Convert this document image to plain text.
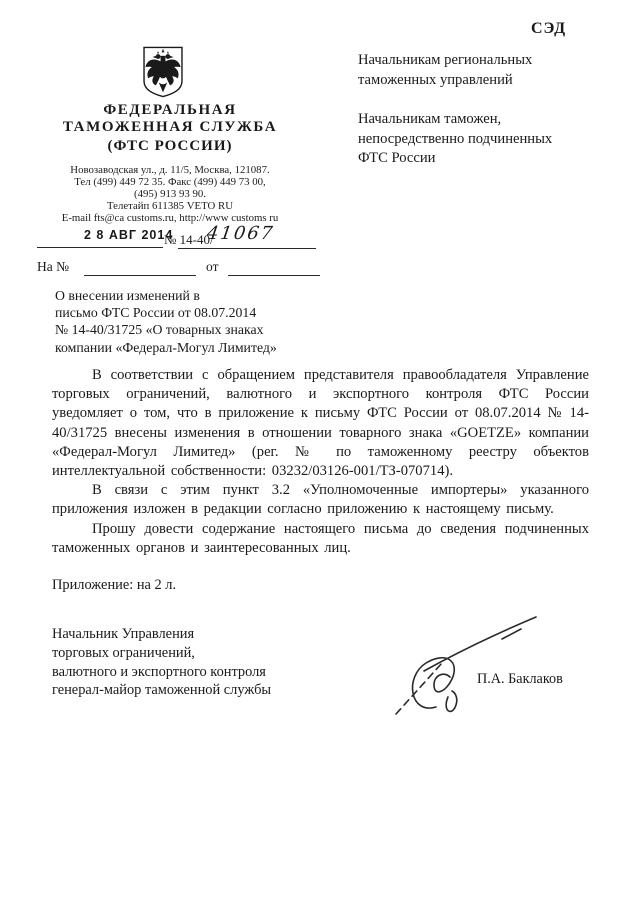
СЭД
ФЕДЕРАЛЬНАЯ
ТАМОЖЕННАЯ СЛУЖБА
(ФТС РОССИИ)
Новозаводская ул., д. 11/5, Москва, 121087.
Тел (499) 449 72 35. Факс (499) 449 73 00,
(495) 913 93 90.
Телетайп 611385 VETO RU
E-mail fts@ca customs.ru, http://www customs ru
2 8 АВГ 2014
№ 14-40/
41067
На №	от
Начальникам региональных
таможенных управлений
Начальникам таможен,
непосредственно подчиненных
ФТС России
О внесении изменений в
письмо ФТС России от 08.07.2014
№ 14-40/31725 «О товарных знаках
компании «Федерал-Могул Лимитед»

В соответствии с обращением представителя правообладателя Управление торговых ограничений, валютного и экспортного контроля ФТС России уведомляет о том, что в приложение к письму ФТС России от 08.07.2014 № 14-40/31725 внесены изменения в отношении товарного знака «GOETZE» компании «Федерал-Могул Лимитед» (рег. № по таможенному реестру объектов интеллектуальной собственности: 03232/03126-001/ТЗ-070714).

В связи с этим пункт 3.2 «Уполномоченные импортеры» указанного приложения изложен в редакции согласно приложению к настоящему письму.

Прошу довести содержание настоящего письма до сведения подчиненных таможенных органов и заинтересованных лиц.

Приложение: на 2 л.
Начальник Управления
торговых ограничений,
валютного и экспортного контроля
генерал-майор таможенной службы
П.А. Баклаков
